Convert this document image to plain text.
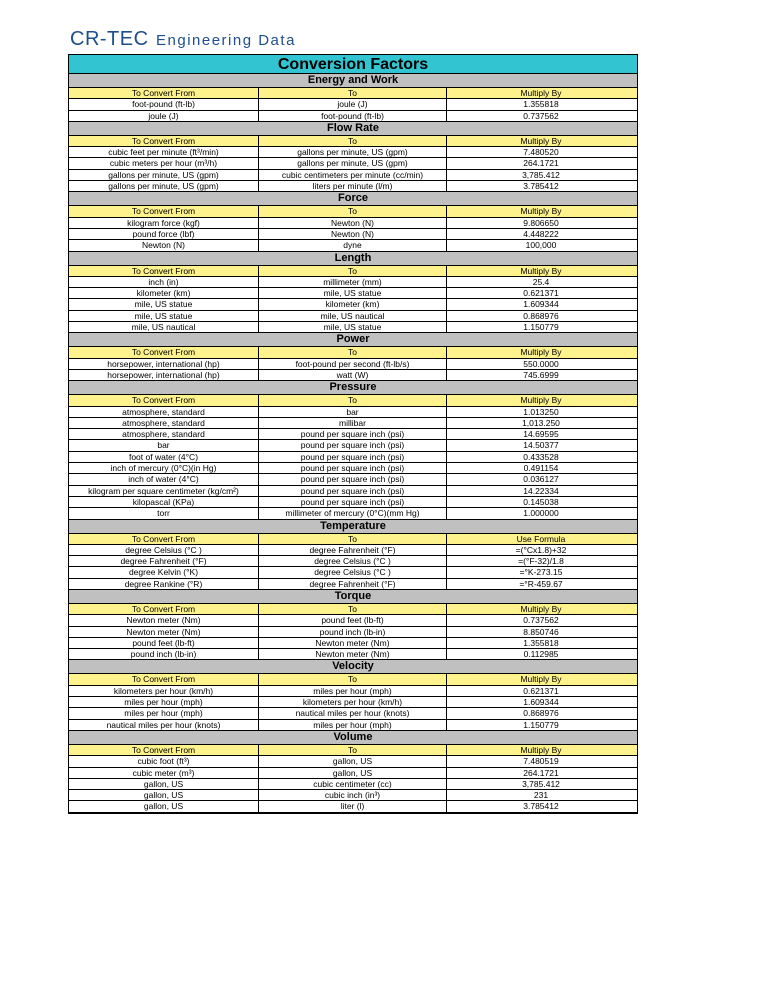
CR-TEC Engineering Data
Conversion Factors
Energy and Work
To Convert From	To	Multiply By
foot-pound (ft-lb)	joule (J)	1.355818
joule (J)	foot-pound (ft-lb)	0.737562
Flow Rate
To Convert From	To	Multiply By
cubic feet per minute (ft³/min)	gallons per minute, US (gpm)	7.480520
cubic meters per hour (m³/h)	gallons per minute, US (gpm)	264.1721
gallons per minute, US (gpm)	cubic centimeters per minute (cc/min)	3,785.412
gallons per minute, US (gpm)	liters per minute (l/m)	3.785412
Force
To Convert From	To	Multiply By
kilogram force (kgf)	Newton (N)	9.806650
pound force (lbf)	Newton (N)	4.448222
Newton (N)	dyne	100,000
Length
To Convert From	To	Multiply By
inch (in)	millimeter (mm)	25.4
kilometer (km)	mile, US statue	0.621371
mile, US statue	kilometer (km)	1.609344
mile, US statue	mile, US nautical	0.868976
mile, US nautical	mile, US statue	1.150779
Power
To Convert From	To	Multiply By
horsepower, international (hp)	foot-pound per second (ft-lb/s)	550.0000
horsepower, international (hp)	watt (W)	745.6999
Pressure
To Convert From	To	Multiply By
atmosphere, standard	bar	1.013250
atmosphere, standard	millibar	1,013.250
atmosphere, standard	pound per square inch (psi)	14.69595
bar	pound per square inch (psi)	14.50377
foot of water (4°C)	pound per square inch (psi)	0.433528
inch of mercury (0°C)(in Hg)	pound per square inch (psi)	0.491154
inch of water (4°C)	pound per square inch (psi)	0.036127
kilogram per square centimeter (kg/cm²)	pound per square inch (psi)	14.22334
kilopascal (KPa)	pound per square inch (psi)	0.145038
torr	millimeter of mercury (0°C)(mm Hg)	1.000000
Temperature
To Convert From	To	Use Formula
degree Celsius (°C )	degree Fahrenheit (°F)	=(°Cx1.8)+32
degree Fahrenheit (°F)	degree Celsius (°C )	=(°F-32)/1.8
degree Kelvin (°K)	degree Celsius (°C )	=°K-273.15
degree Rankine (°R)	degree Fahrenheit (°F)	=°R-459.67
Torque
To Convert From	To	Multiply By
Newton meter (Nm)	pound feet (lb-ft)	0.737562
Newton meter (Nm)	pound inch (lb-in)	8.850746
pound feet (lb-ft)	Newton meter (Nm)	1.355818
pound inch (lb-in)	Newton meter (Nm)	0.112985
Velocity
To Convert From	To	Multiply By
kilometers per hour (km/h)	miles per hour (mph)	0.621371
miles per hour (mph)	kilometers per hour (km/h)	1.609344
miles per hour (mph)	nautical miles per hour (knots)	0.868976
nautical miles per hour (knots)	miles per hour (mph)	1.150779
Volume
To Convert From	To	Multiply By
cubic foot (ft³)	gallon, US	7.480519
cubic meter (m³)	gallon, US	264.1721
gallon, US	cubic centimeter (cc)	3,785.412
gallon, US	cubic inch (in³)	231
gallon, US	liter (l)	3.785412
